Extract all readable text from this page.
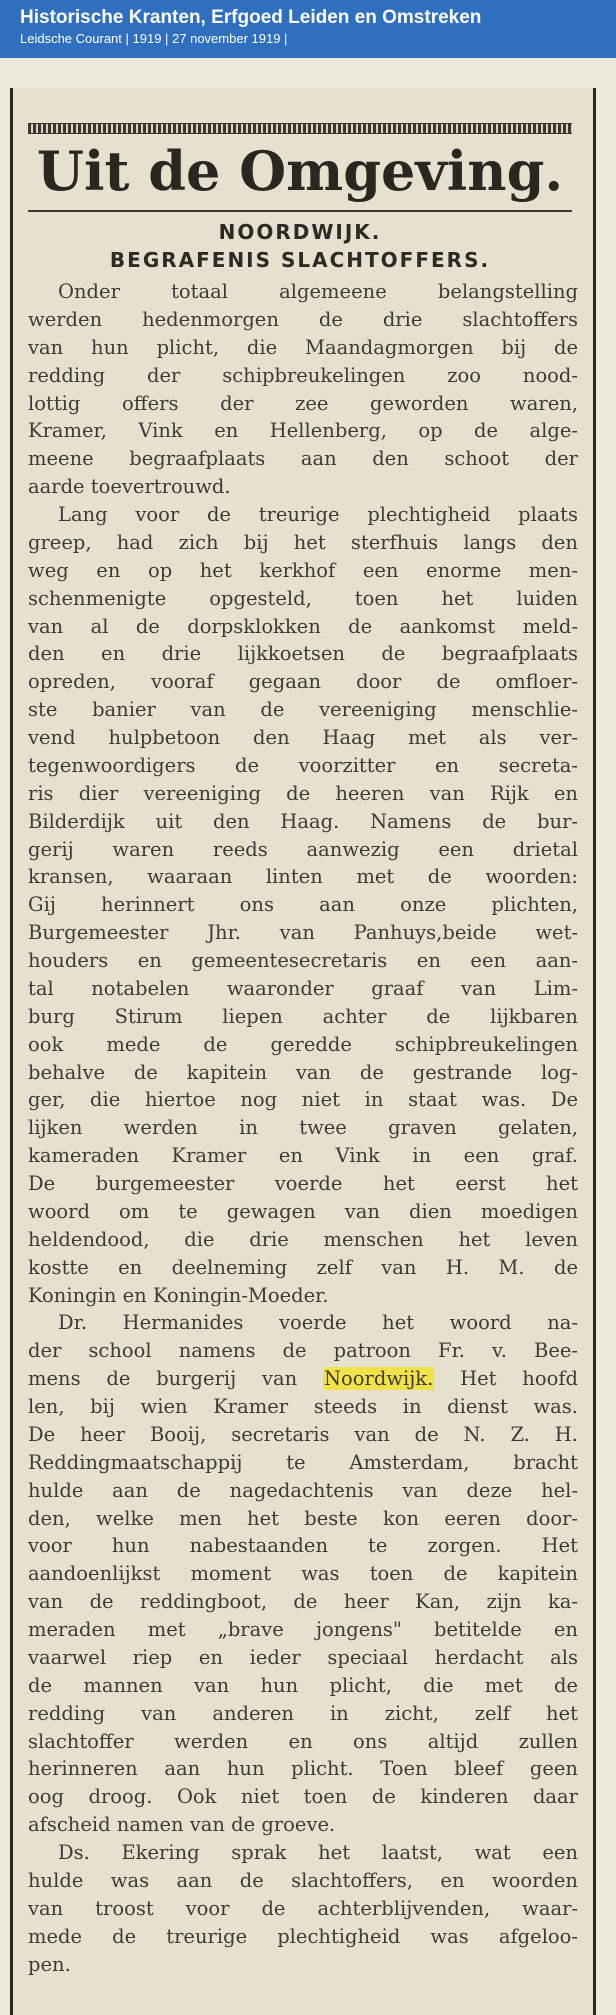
Historische Kranten, Erfgoed Leiden en Omstreken
Leidsche Courant | 1919 | 27 november 1919 |
Uit de Omgeving.
NOORDWIJK.
BEGRAFENIS SLACHTOFFERS.
Onder totaal algemeene belangstelling
werden hedenmorgen de drie slachtoffers
van hun plicht, die Maandagmorgen bij de
redding der schipbreukelingen zoo nood-
lottig offers der zee geworden waren,
Kramer, Vink en Hellenberg, op de alge-
meene begraafplaats aan den schoot der
aarde toevertrouwd.
Lang voor de treurige plechtigheid plaats
greep, had zich bij het sterfhuis langs den
weg en op het kerkhof een enorme men-
schenmenigte opgesteld, toen het luiden
van al de dorpsklokken de aankomst meld-
den en drie lijkkoetsen de begraafplaats
opreden, vooraf gegaan door de omfloer-
ste banier van de vereeniging menschlie-
vend hulpbetoon den Haag met als ver-
tegenwoordigers de voorzitter en secreta-
ris dier vereeniging de heeren van Rijk en
Bilderdijk uit den Haag. Namens de bur-
gerij waren reeds aanwezig een drietal
kransen, waaraan linten met de woorden:
Gij herinnert ons aan onze plichten,
Burgemeester Jhr. van Panhuys,beide wet-
houders en gemeentesecretaris en een aan-
tal notabelen waaronder graaf van Lim-
burg Stirum liepen achter de lijkbaren
ook mede de geredde schipbreukelingen
behalve de kapitein van de gestrande log-
ger, die hiertoe nog niet in staat was. De
lijken werden in twee graven gelaten,
kameraden Kramer en Vink in een graf.
De burgemeester voerde het eerst het
woord om te gewagen van dien moedigen
heldendood, die drie menschen het leven
kostte en deelneming zelf van H. M. de
Koningin en Koningin-Moeder.
Dr. Hermanides voerde het woord na-
der school namens de patroon Fr. v. Bee-
mens de burgerij van Noordwijk. Het hoofd
len, bij wien Kramer steeds in dienst was.
De heer Booij, secretaris van de N. Z. H.
Reddingmaatschappij te Amsterdam, bracht
hulde aan de nagedachtenis van deze hel-
den, welke men het beste kon eeren door-
voor hun nabestaanden te zorgen. Het
aandoenlijkst moment was toen de kapitein
van de reddingboot, de heer Kan, zijn ka-
meraden met „brave jongens" betitelde en
vaarwel riep en ieder speciaal herdacht als
de mannen van hun plicht, die met de
redding van anderen in zicht, zelf het
slachtoffer werden en ons altijd zullen
herinneren aan hun plicht. Toen bleef geen
oog droog. Ook niet toen de kinderen daar
afscheid namen van de groeve.
Ds. Ekering sprak het laatst, wat een
hulde was aan de slachtoffers, en woorden
van troost voor de achterblijvenden, waar-
mede de treurige plechtigheid was afgeloo-
pen.
